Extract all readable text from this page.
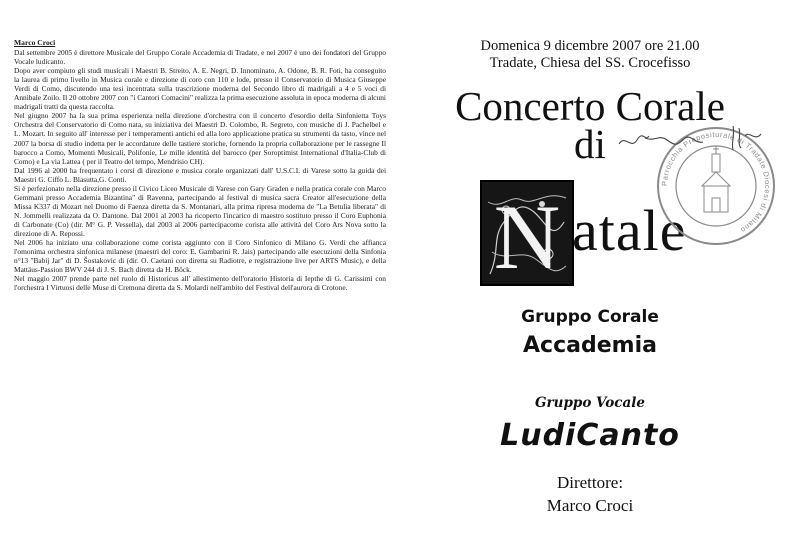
Marco Croci

Dal settembre 2005 è direttore Musicale del Gruppo Corale Accademia di Tradate, e nel 2007 è uno dei fondatori del Gruppo Vocale ludicanto.

Dopo aver compiuto gli studi musicali i Maestri B. Streito, A. E. Negri, D. Innominato, A. Odone, B. R. Foti, ha conseguito la laurea di primo livello in Musica corale e direzione di coro con 110 e lode, presso il Conservatorio di Musica Giuseppe Verdi di Como, discutendo una tesi incentrata sulla trascrizione moderna del Secondo libro di madrigali a 4 e 5 voci di Annibale Zoilo. Il 20 ottobre 2007 con "i Cantori Comacini" realizza la prima esecuzione assoluta in epoca moderna di alcuni madrigali tratti da questa raccolta.

Nel giugno 2007 ha la sua prima esperienza nella direzione d'orchestra con il concerto d'esordio della Sinfonietta Toys Orchestra del Conservatorio di Como nata, su iniziativa dei Maestri D. Colombo, R. Segreto, con musiche di J. Pachelbel e L. Mozart. In seguito all' interesse per i temperamenti antichi ed alla loro applicazione pratica su strumenti da tasto, vince nel 2007 la borsa di studio indetta per le accordature delle tastiere storiche, fornendo la propria collaborazione per le rassegne Il barocco a Como, Momenti Musicali, Polifonie, Le mille identità del barocco (per Soroptimist International d'Italia-Club di Como) e La via Lattea ( per il Teatro del tempo, Mendrisio CH).

Dal 1996 al 2000 ha frequentato i corsi di direzione e musica corale organizzati dall' U.S.C.I. di Varese sotto la guida dei Maestri G. Ciffo L. Blasutta,G. Conti.

Si è perfezionato nella direzione presso il Civico Liceo Musicale di Varese con Gary Graden e nella pratica corale con Marco Gemmani presso Accademia Bizantina" di Ravenna, partecipando al festival di musica sacra Creator all'esecuzione della Missa K337 di Mozart nel Duomo di Faenza diretta da S. Montanari, alla prima ripresa moderna de "La Betulia liberata" di N. Jommelli realizzata da O. Dantone. Dal 2001 al 2003 ha ricoperto l'incarico di maestro sostituto presso il Coro Euphonia di Carbonate (Co) (dir. M° G. P. Vessella), dal 2003 al 2006 partecipacome corista alle attività del Coro Ars Nova sotto la direzione di A. Repossi.

Nel 2006 ha iniziato una collaborazione come corista aggiunto con il Coro Sinfonico di Milano G. Verdi che affianca l'omonima orchestra sinfonica milanese (maestri del coro: E. Gambarini R. Jais) partecipando alle esecuzioni della Sinfonia n°13 "Babij Jar" di D. Šostakovic di (dir. O. Caetani con diretta su Radiotre, e registrazione live per ARTS Music), e della Mattäus-Passion BWV 244 di J. S. Bach diretta da H. Böck.

Nel maggio 2007 prende parte nel ruolo di Historicus all' allestimento dell'oratorio Historia di Iepthe di G. Carissimi con l'orchestra I Virtuosi delle Muse di Cremona diretta da S. Molardi nell'ambito del Festival dell'aurora di Crotone.

Domenica 9 dicembre 2007 ore 21.00
Tradate, Chiesa del SS. Crocefisso
Concerto Corale
di
N atale
Gruppo Corale
Accademia
Gruppo Vocale
LudiCanto
Direttore:
Marco Croci
Parrocchia Prepositurale di Tradate Diocesi di Milano
